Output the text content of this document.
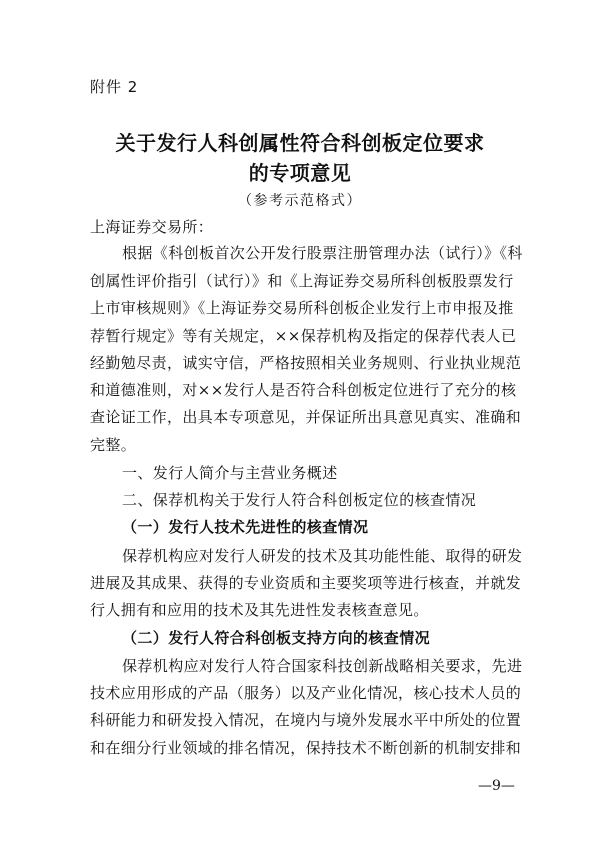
附件 2
关于发行人科创属性符合科创板定位要求
的专项意见
（参考示范格式）
上海证券交易所：
根据《科创板首次公开发行股票注册管理办法（试行）》《科
创属性评价指引（试行）》和《上海证券交易所科创板股票发行
上市审核规则》《上海证券交易所科创板企业发行上市申报及推
荐暂行规定》等有关规定，××保荐机构及指定的保荐代表人已
经勤勉尽责，诚实守信，严格按照相关业务规则、行业执业规范
和道德准则，对××发行人是否符合科创板定位进行了充分的核
查论证工作，出具本专项意见，并保证所出具意见真实、准确和
完整。
一、发行人简介与主营业务概述
二、保荐机构关于发行人符合科创板定位的核查情况
（一）发行人技术先进性的核查情况
保荐机构应对发行人研发的技术及其功能性能、取得的研发
进展及其成果、获得的专业资质和主要奖项等进行核查，并就发
行人拥有和应用的技术及其先进性发表核查意见。
（二）发行人符合科创板支持方向的核查情况
保荐机构应对发行人符合国家科技创新战略相关要求，先进
技术应用形成的产品（服务）以及产业化情况，核心技术人员的
科研能力和研发投入情况，在境内与境外发展水平中所处的位置
和在细分行业领域的排名情况，保持技术不断创新的机制安排和
—9—
